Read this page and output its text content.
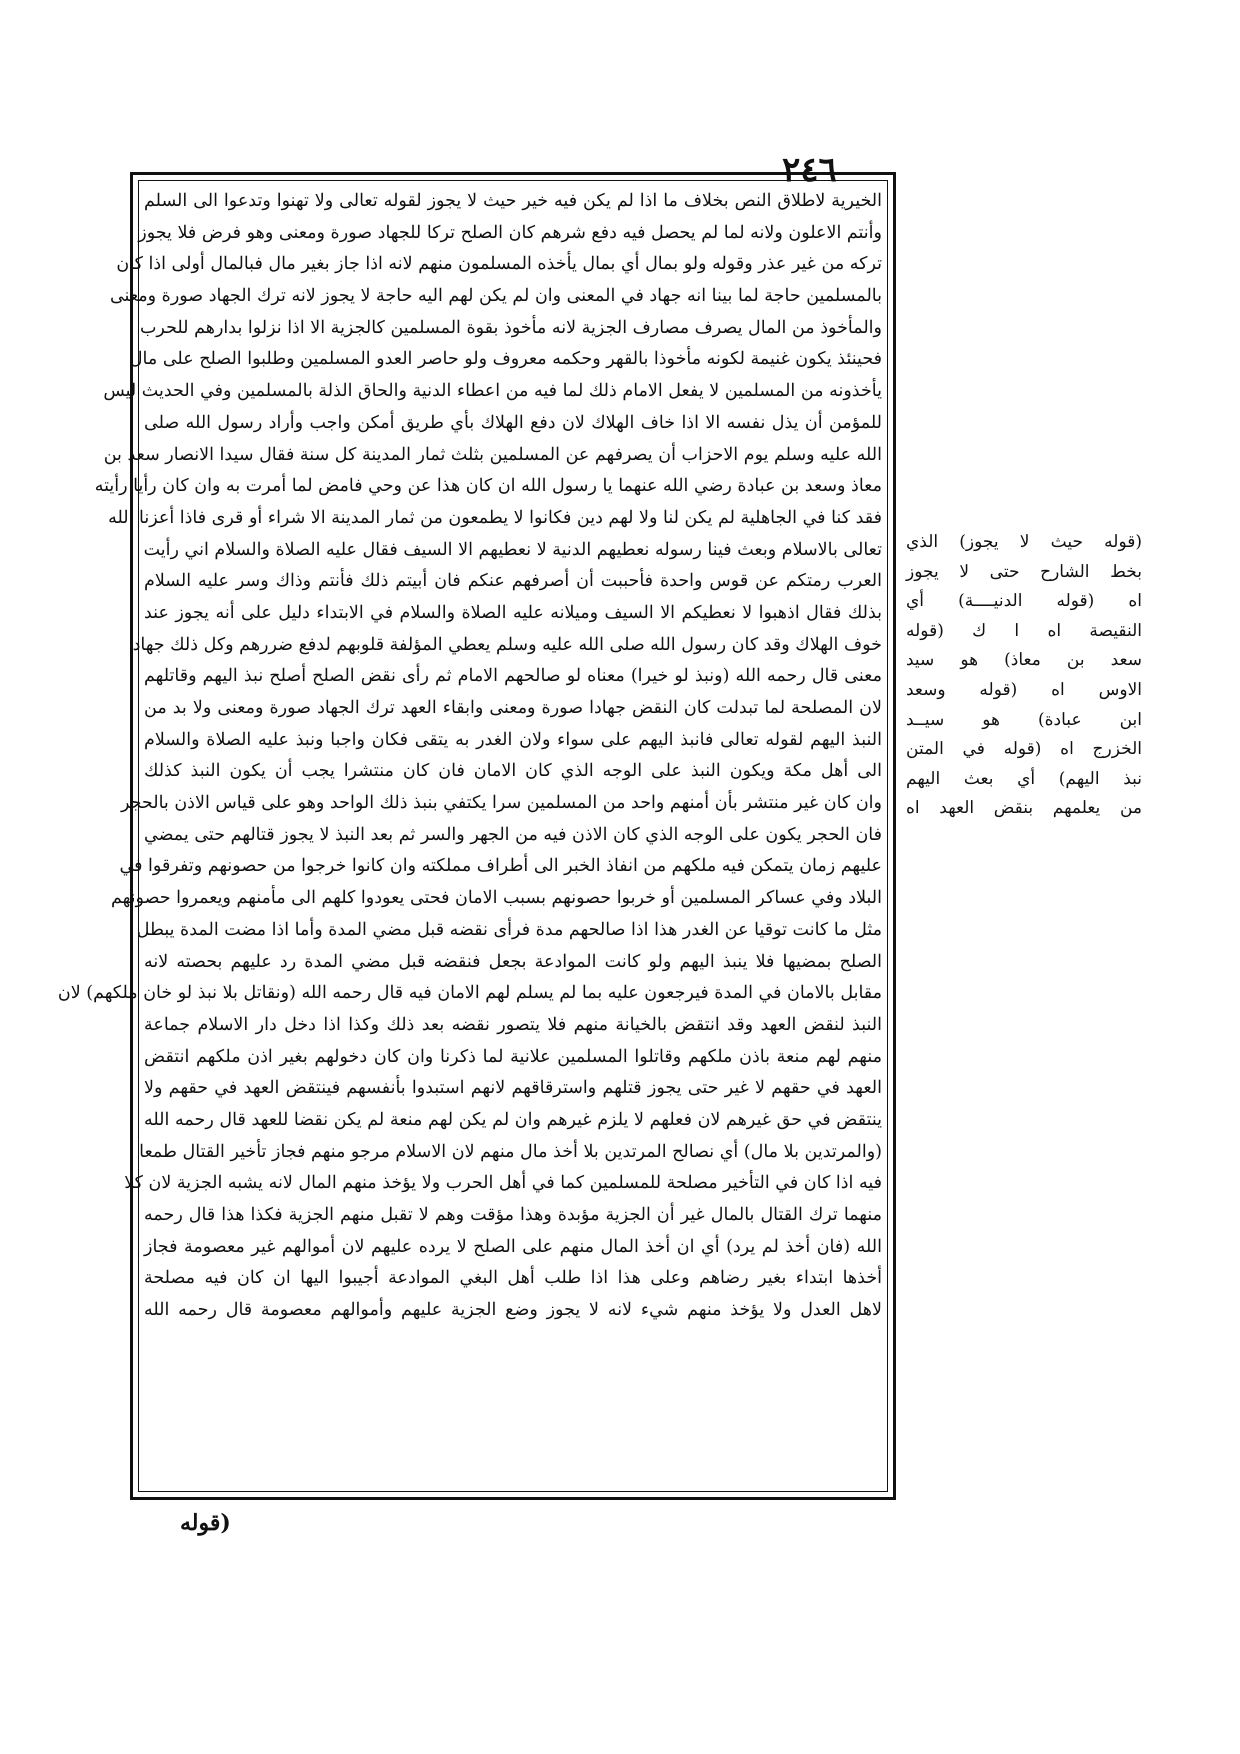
٢٤٦
الخيرية لاطلاق النص بخلاف ما اذا لم يكن فيه خير حيث لا يجوز لقوله تعالى ولا تهنوا وتدعوا الى السلم
وأنتم الاعلون ولانه لما لم يحصل فيه دفع شرهم كان الصلح تركا للجهاد صورة ومعنى وهو فرض فلا يجوز
تركه من غير عذر وقوله ولو بمال أي بمال يأخذه المسلمون منهم لانه اذا جاز بغير مال فبالمال أولى اذا كان
بالمسلمين حاجة لما بينا انه جهاد في المعنى وان لم يكن لهم اليه حاجة لا يجوز لانه ترك الجهاد صورة ومعنى
والمأخوذ من المال يصرف مصارف الجزية لانه مأخوذ بقوة المسلمين كالجزية الا اذا نزلوا بدارهم للحرب
فحينئذ يكون غنيمة لكونه مأخوذا بالقهر وحكمه معروف ولو حاصر العدو المسلمين وطلبوا الصلح على مال
يأخذونه من المسلمين لا يفعل الامام ذلك لما فيه من اعطاء الدنية والحاق الذلة بالمسلمين وفي الحديث ليس
للمؤمن أن يذل نفسه الا اذا خاف الهلاك لان دفع الهلاك بأي طريق أمكن واجب وأراد رسول الله صلى
الله عليه وسلم يوم الاحزاب أن يصرفهم عن المسلمين بثلث ثمار المدينة كل سنة فقال سيدا الانصار سعد بن
معاذ وسعد بن عبادة رضي الله عنهما يا رسول الله ان كان هذا عن وحي فامض لما أمرت به وان كان رأيا رأيته
فقد كنا في الجاهلية لم يكن لنا ولا لهم دين فكانوا لا يطمعون من ثمار المدينة الا شراء أو قرى فاذا أعزنا الله
تعالى بالاسلام وبعث فينا رسوله نعطيهم الدنية لا نعطيهم الا السيف فقال عليه الصلاة والسلام اني رأيت
العرب رمتكم عن قوس واحدة فأحببت أن أصرفهم عنكم فان أبيتم ذلك فأنتم وذاك وسر عليه السلام
بذلك فقال اذهبوا لا نعطيكم الا السيف وميلانه عليه الصلاة والسلام في الابتداء دليل على أنه يجوز عند
خوف الهلاك وقد كان رسول الله صلى الله عليه وسلم يعطي المؤلفة قلوبهم لدفع ضررهم وكل ذلك جهاد
معنى قال رحمه الله (ونبذ لو خيرا) معناه لو صالحهم الامام ثم رأى نقض الصلح أصلح نبذ اليهم وقاتلهم
لان المصلحة لما تبدلت كان النقض جهادا صورة ومعنى وابقاء العهد ترك الجهاد صورة ومعنى ولا بد من
النبذ اليهم لقوله تعالى فانبذ اليهم على سواء ولان الغدر به يتقى فكان واجبا ونبذ عليه الصلاة والسلام
الى أهل مكة ويكون النبذ على الوجه الذي كان الامان فان كان منتشرا يجب أن يكون النبذ كذلك
وان كان غير منتشر بأن أمنهم واحد من المسلمين سرا يكتفي بنبذ ذلك الواحد وهو على قياس الاذن بالحجر
فان الحجر يكون على الوجه الذي كان الاذن فيه من الجهر والسر ثم بعد النبذ لا يجوز قتالهم حتى يمضي
عليهم زمان يتمكن فيه ملكهم من انفاذ الخبر الى أطراف مملكته وان كانوا خرجوا من حصونهم وتفرقوا في
البلاد وفي عساكر المسلمين أو خربوا حصونهم بسبب الامان فحتى يعودوا كلهم الى مأمنهم ويعمروا حصونهم
مثل ما كانت توقيا عن الغدر هذا اذا صالحهم مدة فرأى نقضه قبل مضي المدة وأما اذا مضت المدة يبطل
الصلح بمضيها فلا ينبذ اليهم ولو كانت الموادعة بجعل فنقضه قبل مضي المدة رد عليهم بحصته لانه
مقابل بالامان في المدة فيرجعون عليه بما لم يسلم لهم الامان فيه قال رحمه الله (ونقاتل بلا نبذ لو خان ملكهم) لان
النبذ لنقض العهد وقد انتقض بالخيانة منهم فلا يتصور نقضه بعد ذلك وكذا اذا دخل دار الاسلام جماعة
منهم لهم منعة باذن ملكهم وقاتلوا المسلمين علانية لما ذكرنا وان كان دخولهم بغير اذن ملكهم انتقض
العهد في حقهم لا غير حتى يجوز قتلهم واسترقاقهم لانهم استبدوا بأنفسهم فينتقض العهد في حقهم ولا
ينتقض في حق غيرهم لان فعلهم لا يلزم غيرهم وان لم يكن لهم منعة لم يكن نقضا للعهد قال رحمه الله
(والمرتدين بلا مال) أي نصالح المرتدين بلا أخذ مال منهم لان الاسلام مرجو منهم فجاز تأخير القتال طمعا
فيه اذا كان في التأخير مصلحة للمسلمين كما في أهل الحرب ولا يؤخذ منهم المال لانه يشبه الجزية لان كلا
منهما ترك القتال بالمال غير أن الجزية مؤبدة وهذا مؤقت وهم لا تقبل منهم الجزية فكذا هذا قال رحمه
الله (فان أخذ لم يرد) أي ان أخذ المال منهم على الصلح لا يرده عليهم لان أموالهم غير معصومة فجاز
أخذها ابتداء بغير رضاهم وعلى هذا اذا طلب أهل البغي الموادعة أجيبوا اليها ان كان فيه مصلحة
لاهل العدل ولا يؤخذ منهم شيء لانه لا يجوز وضع الجزية عليهم وأموالهم معصومة قال رحمه الله
(قوله حيث لا يجوز) الذي
بخط الشارح حتى لا يجوز
اه (قوله الدنيــــة) أي
النقيصة اه ا ك (قوله
سعد بن معاذ) هو سيد
الاوس اه (قوله وسعد
ابن عبادة) هو سيــد
الخزرج اه (قوله في المتن
نبذ اليهم) أي بعث اليهم
من يعلمهم بنقض العهد اه
(قوله
